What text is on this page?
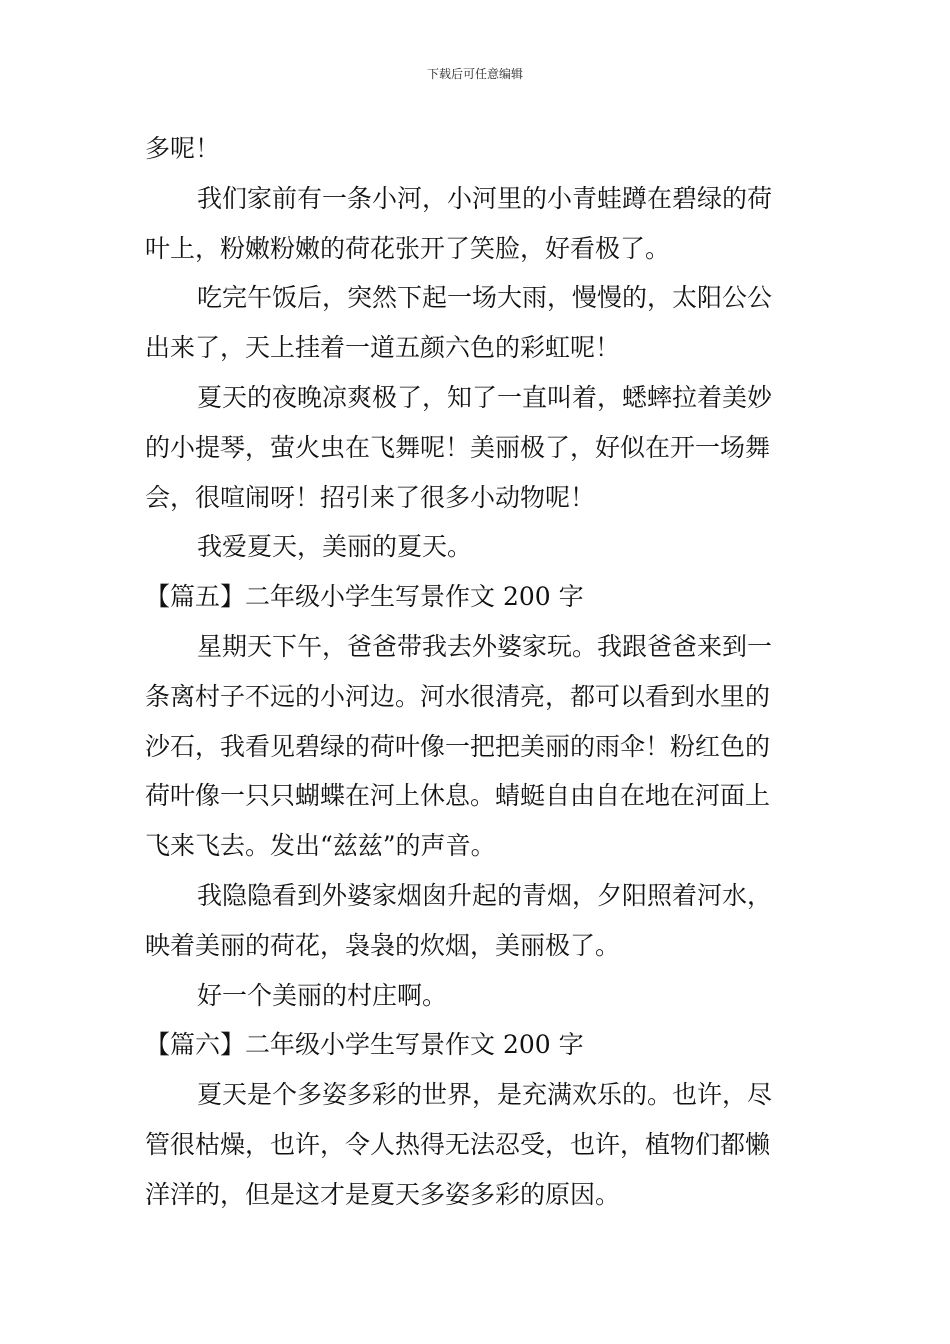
下载后可任意编辑
多呢！
我们家前有一条小河，小河里的小青蛙蹲在碧绿的荷
叶上，粉嫩粉嫩的荷花张开了笑脸，好看极了。
吃完午饭后，突然下起一场大雨，慢慢的，太阳公公
出来了，天上挂着一道五颜六色的彩虹呢！
夏天的夜晚凉爽极了，知了一直叫着，蟋蟀拉着美妙
的小提琴，萤火虫在飞舞呢！美丽极了，好似在开一场舞
会，很喧闹呀！招引来了很多小动物呢！
我爱夏天，美丽的夏天。
【篇五】二年级小学生写景作文 200 字
星期天下午，爸爸带我去外婆家玩。我跟爸爸来到一
条离村子不远的小河边。河水很清亮，都可以看到水里的
沙石，我看见碧绿的荷叶像一把把美丽的雨伞！粉红色的
荷叶像一只只蝴蝶在河上休息。蜻蜓自由自在地在河面上
飞来飞去。发出“兹兹”的声音。
我隐隐看到外婆家烟囱升起的青烟，夕阳照着河水，
映着美丽的荷花，袅袅的炊烟，美丽极了。
好一个美丽的村庄啊。
【篇六】二年级小学生写景作文 200 字
夏天是个多姿多彩的世界，是充满欢乐的。也许，尽
管很枯燥，也许，令人热得无法忍受，也许，植物们都懒
洋洋的，但是这才是夏天多姿多彩的原因。
